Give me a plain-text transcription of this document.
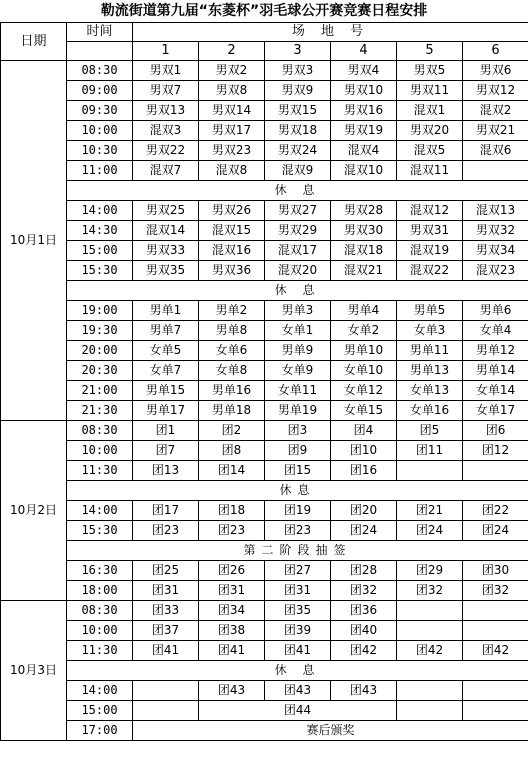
勒流街道第九届“东菱杯”羽毛球公开赛竞赛日程安排
日期	时间	场 地 号					
		1	2	3	4	5	6
10月1日	08:30	男双1	男双2	男双3	男双4	男双5	男双6
	09:00	男双7	男双8	男双9	男双10	男双11	男双12
	09:30	男双13	男双14	男双15	男双16	混双1	混双2
	10:00	混双3	男双17	男双18	男双19	男双20	男双21
	10:30	男双22	男双23	男双24	混双4	混双5	混双6
	11:00	混双7	混双8	混双9	混双10	混双11	
	休 息						
	14:00	男双25	男双26	男双27	男双28	混双12	混双13
	14:30	混双14	混双15	男双29	男双30	男双31	男双32
	15:00	男双33	混双16	混双17	混双18	混双19	男双34
	15:30	男双35	男双36	混双20	混双21	混双22	混双23
	休 息						
	19:00	男单1	男单2	男单3	男单4	男单5	男单6
	19:30	男单7	男单8	女单1	女单2	女单3	女单4
	20:00	女单5	女单6	男单9	男单10	男单11	男单12
	20:30	女单7	女单8	女单9	女单10	男单13	男单14
	21:00	男单15	男单16	女单11	女单12	女单13	女单14
	21:30	男单17	男单18	男单19	女单15	女单16	女单17
10月2日	08:30	团1	团2	团3	团4	团5	团6
	10:00	团7	团8	团9	团10	团11	团12
	11:30	团13	团14	团15	团16		
	休息						
	14:00	团17	团18	团19	团20	团21	团22
	15:30	团23	团23	团23	团24	团24	团24
	第二阶段抽签						
	16:30	团25	团26	团27	团28	团29	团30
	18:00	团31	团31	团31	团32	团32	团32
10月3日	08:30	团33	团34	团35	团36		
	10:00	团37	团38	团39	团40		
	11:30	团41	团41	团41	团42	团42	团42
	休 息						
	14:00		团43	团43	团43		
	15:00		团44				
	17:00	赛后颁奖					
